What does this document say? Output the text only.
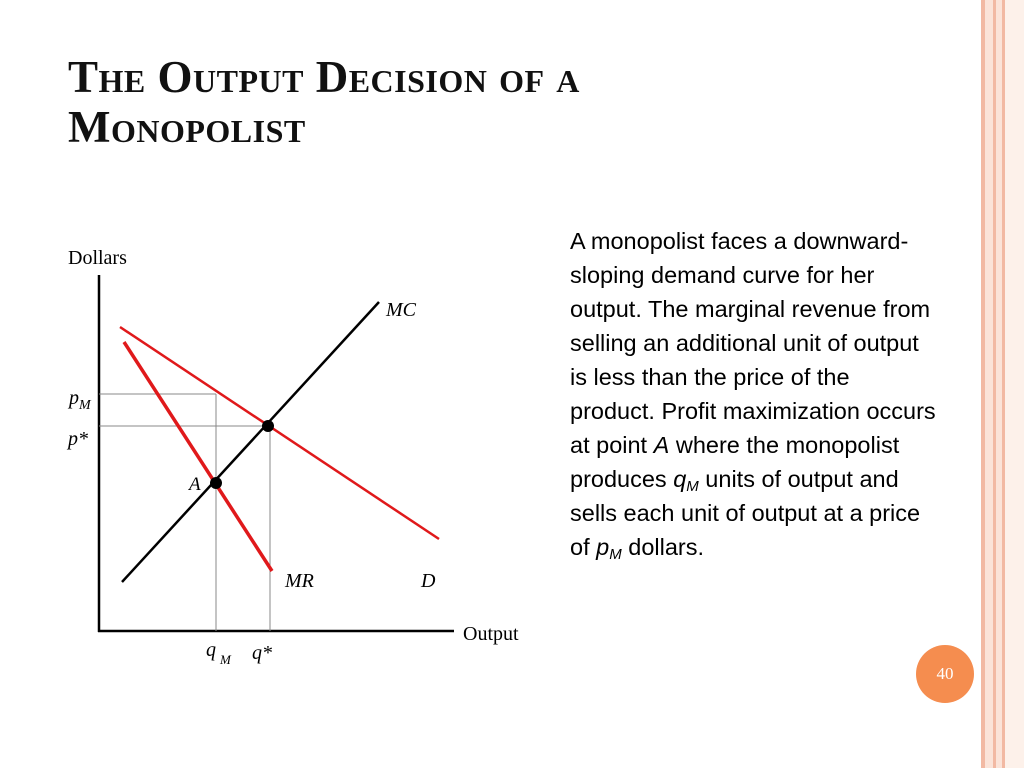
The Output Decision of a
Monopolist
Dollars
Output
MC
MR	D
A
$p_M$
p*
q $_M$ q*
A monopolist faces a downward-sloping demand curve for her output. The marginal revenue from selling an additional unit of output is less than the price of the product. Profit maximization occurs at point A where the monopolist produces $q_M$ units of output and sells each unit of output at a price of $p_M$ dollars.
40
